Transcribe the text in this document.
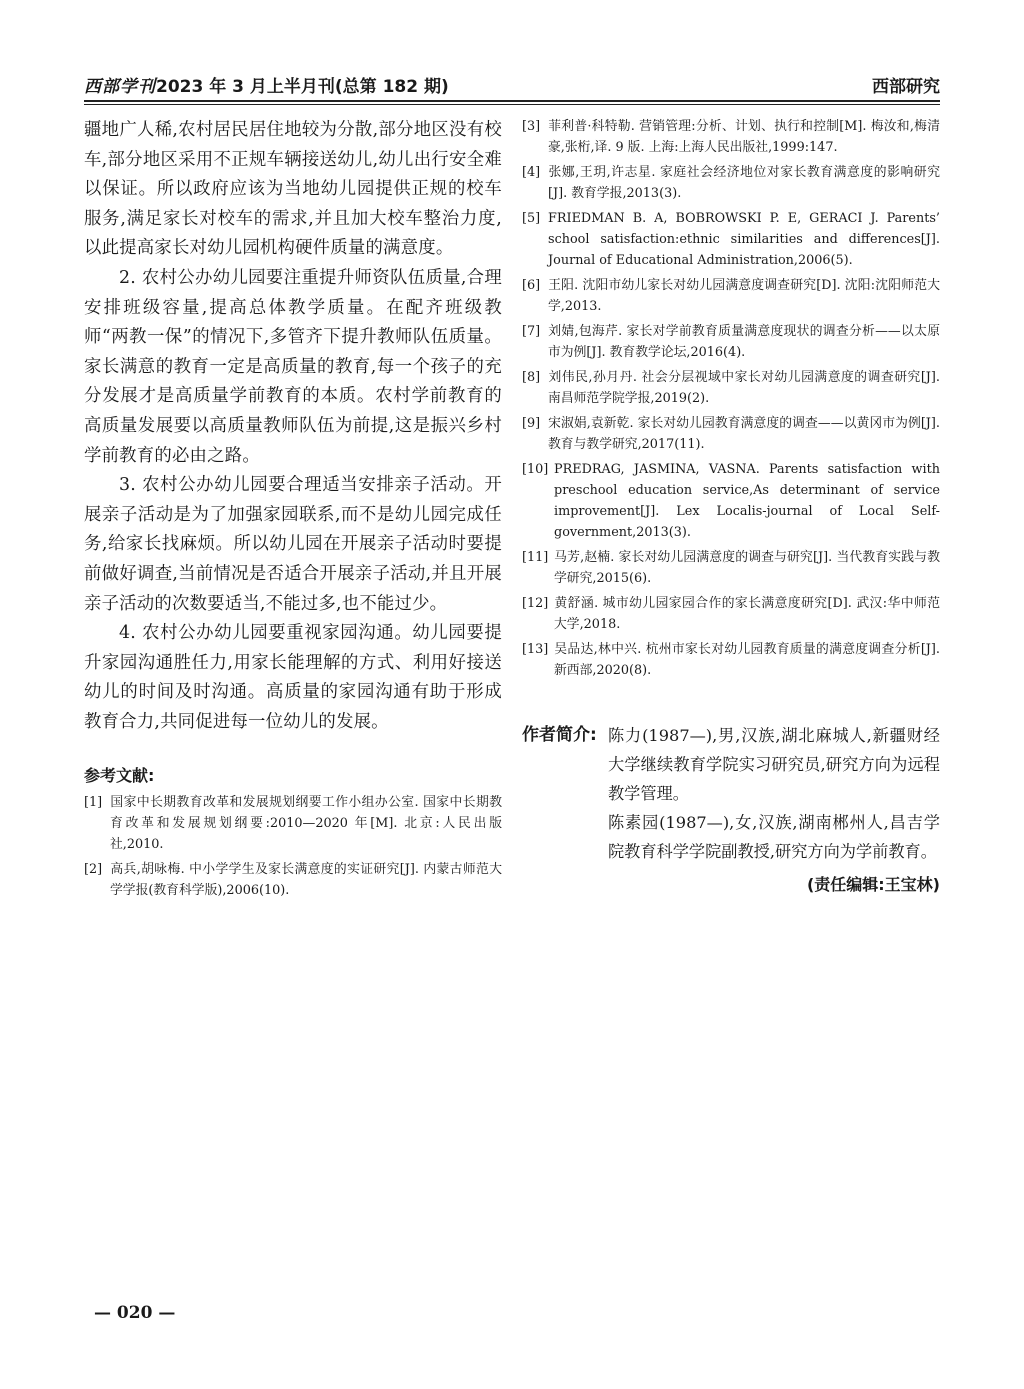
西部学刊2023 年 3 月上半月刊(总第 182 期)	西部研究

疆地广人稀,农村居民居住地较为分散,部分地区没有校车,部分地区采用不正规车辆接送幼儿,幼儿出行安全难以保证。所以政府应该为当地幼儿园提供正规的校车服务,满足家长对校车的需求,并且加大校车整治力度,以此提高家长对幼儿园机构硬件质量的满意度。

2. 农村公办幼儿园要注重提升师资队伍质量,合理安排班级容量,提高总体教学质量。在配齐班级教师“两教一保”的情况下,多管齐下提升教师队伍质量。家长满意的教育一定是高质量的教育,每一个孩子的充分发展才是高质量学前教育的本质。农村学前教育的高质量发展要以高质量教师队伍为前提,这是振兴乡村学前教育的必由之路。

3. 农村公办幼儿园要合理适当安排亲子活动。开展亲子活动是为了加强家园联系,而不是幼儿园完成任务,给家长找麻烦。所以幼儿园在开展亲子活动时要提前做好调查,当前情况是否适合开展亲子活动,并且开展亲子活动的次数要适当,不能过多,也不能过少。

4. 农村公办幼儿园要重视家园沟通。幼儿园要提升家园沟通胜任力,用家长能理解的方式、利用好接送幼儿的时间及时沟通。高质量的家园沟通有助于形成教育合力,共同促进每一位幼儿的发展。

参考文献:

[1] 国家中长期教育改革和发展规划纲要工作小组办公室. 国家中长期教育改革和发展规划纲要:2010—2020 年[M]. 北京:人民出版社,2010.

[2] 高兵,胡咏梅. 中小学学生及家长满意度的实证研究[J]. 内蒙古师范大学学报(教育科学版),2006(10).

[3] 菲利普·科特勒. 营销管理:分析、计划、执行和控制[M]. 梅汝和,梅清豪,张桁,译. 9 版. 上海:上海人民出版社,1999:147.

[4] 张娜,王玥,许志星. 家庭社会经济地位对家长教育满意度的影响研究[J]. 教育学报,2013(3).

[5] FRIEDMAN B. A, BOBROWSKI P. E, GERACI J. Parents’ school satisfaction:ethnic similarities and differences[J]. Journal of Educational Administration,2006(5).

[6] 王阳. 沈阳市幼儿家长对幼儿园满意度调查研究[D]. 沈阳:沈阳师范大学,2013.

[7] 刘婧,包海芹. 家长对学前教育质量满意度现状的调查分析——以太原市为例[J]. 教育教学论坛,2016(4).

[8] 刘伟民,孙月丹. 社会分层视域中家长对幼儿园满意度的调查研究[J]. 南昌师范学院学报,2019(2).

[9] 宋淑娟,袁新乾. 家长对幼儿园教育满意度的调查——以黄冈市为例[J]. 教育与教学研究,2017(11).

[10] PREDRAG, JASMINA, VASNA. Parents satisfaction with preschool education service,As determinant of service improvement[J]. Lex Localis-journal of Local Self-government,2013(3).

[11] 马芳,赵楠. 家长对幼儿园满意度的调查与研究[J]. 当代教育实践与教学研究,2015(6).

[12] 黄舒涵. 城市幼儿园家园合作的家长满意度研究[D]. 武汉:华中师范大学,2018.

[13] 吴品达,林中兴. 杭州市家长对幼儿园教育质量的满意度调查分析[J]. 新西部,2020(8).

作者简介: 陈力(1987—),男,汉族,湖北麻城人,新疆财经大学继续教育学院实习研究员,研究方向为远程教学管理。

陈素园(1987—),女,汉族,湖南郴州人,昌吉学院教育科学学院副教授,研究方向为学前教育。

(责任编辑:王宝林)
— 020 —
